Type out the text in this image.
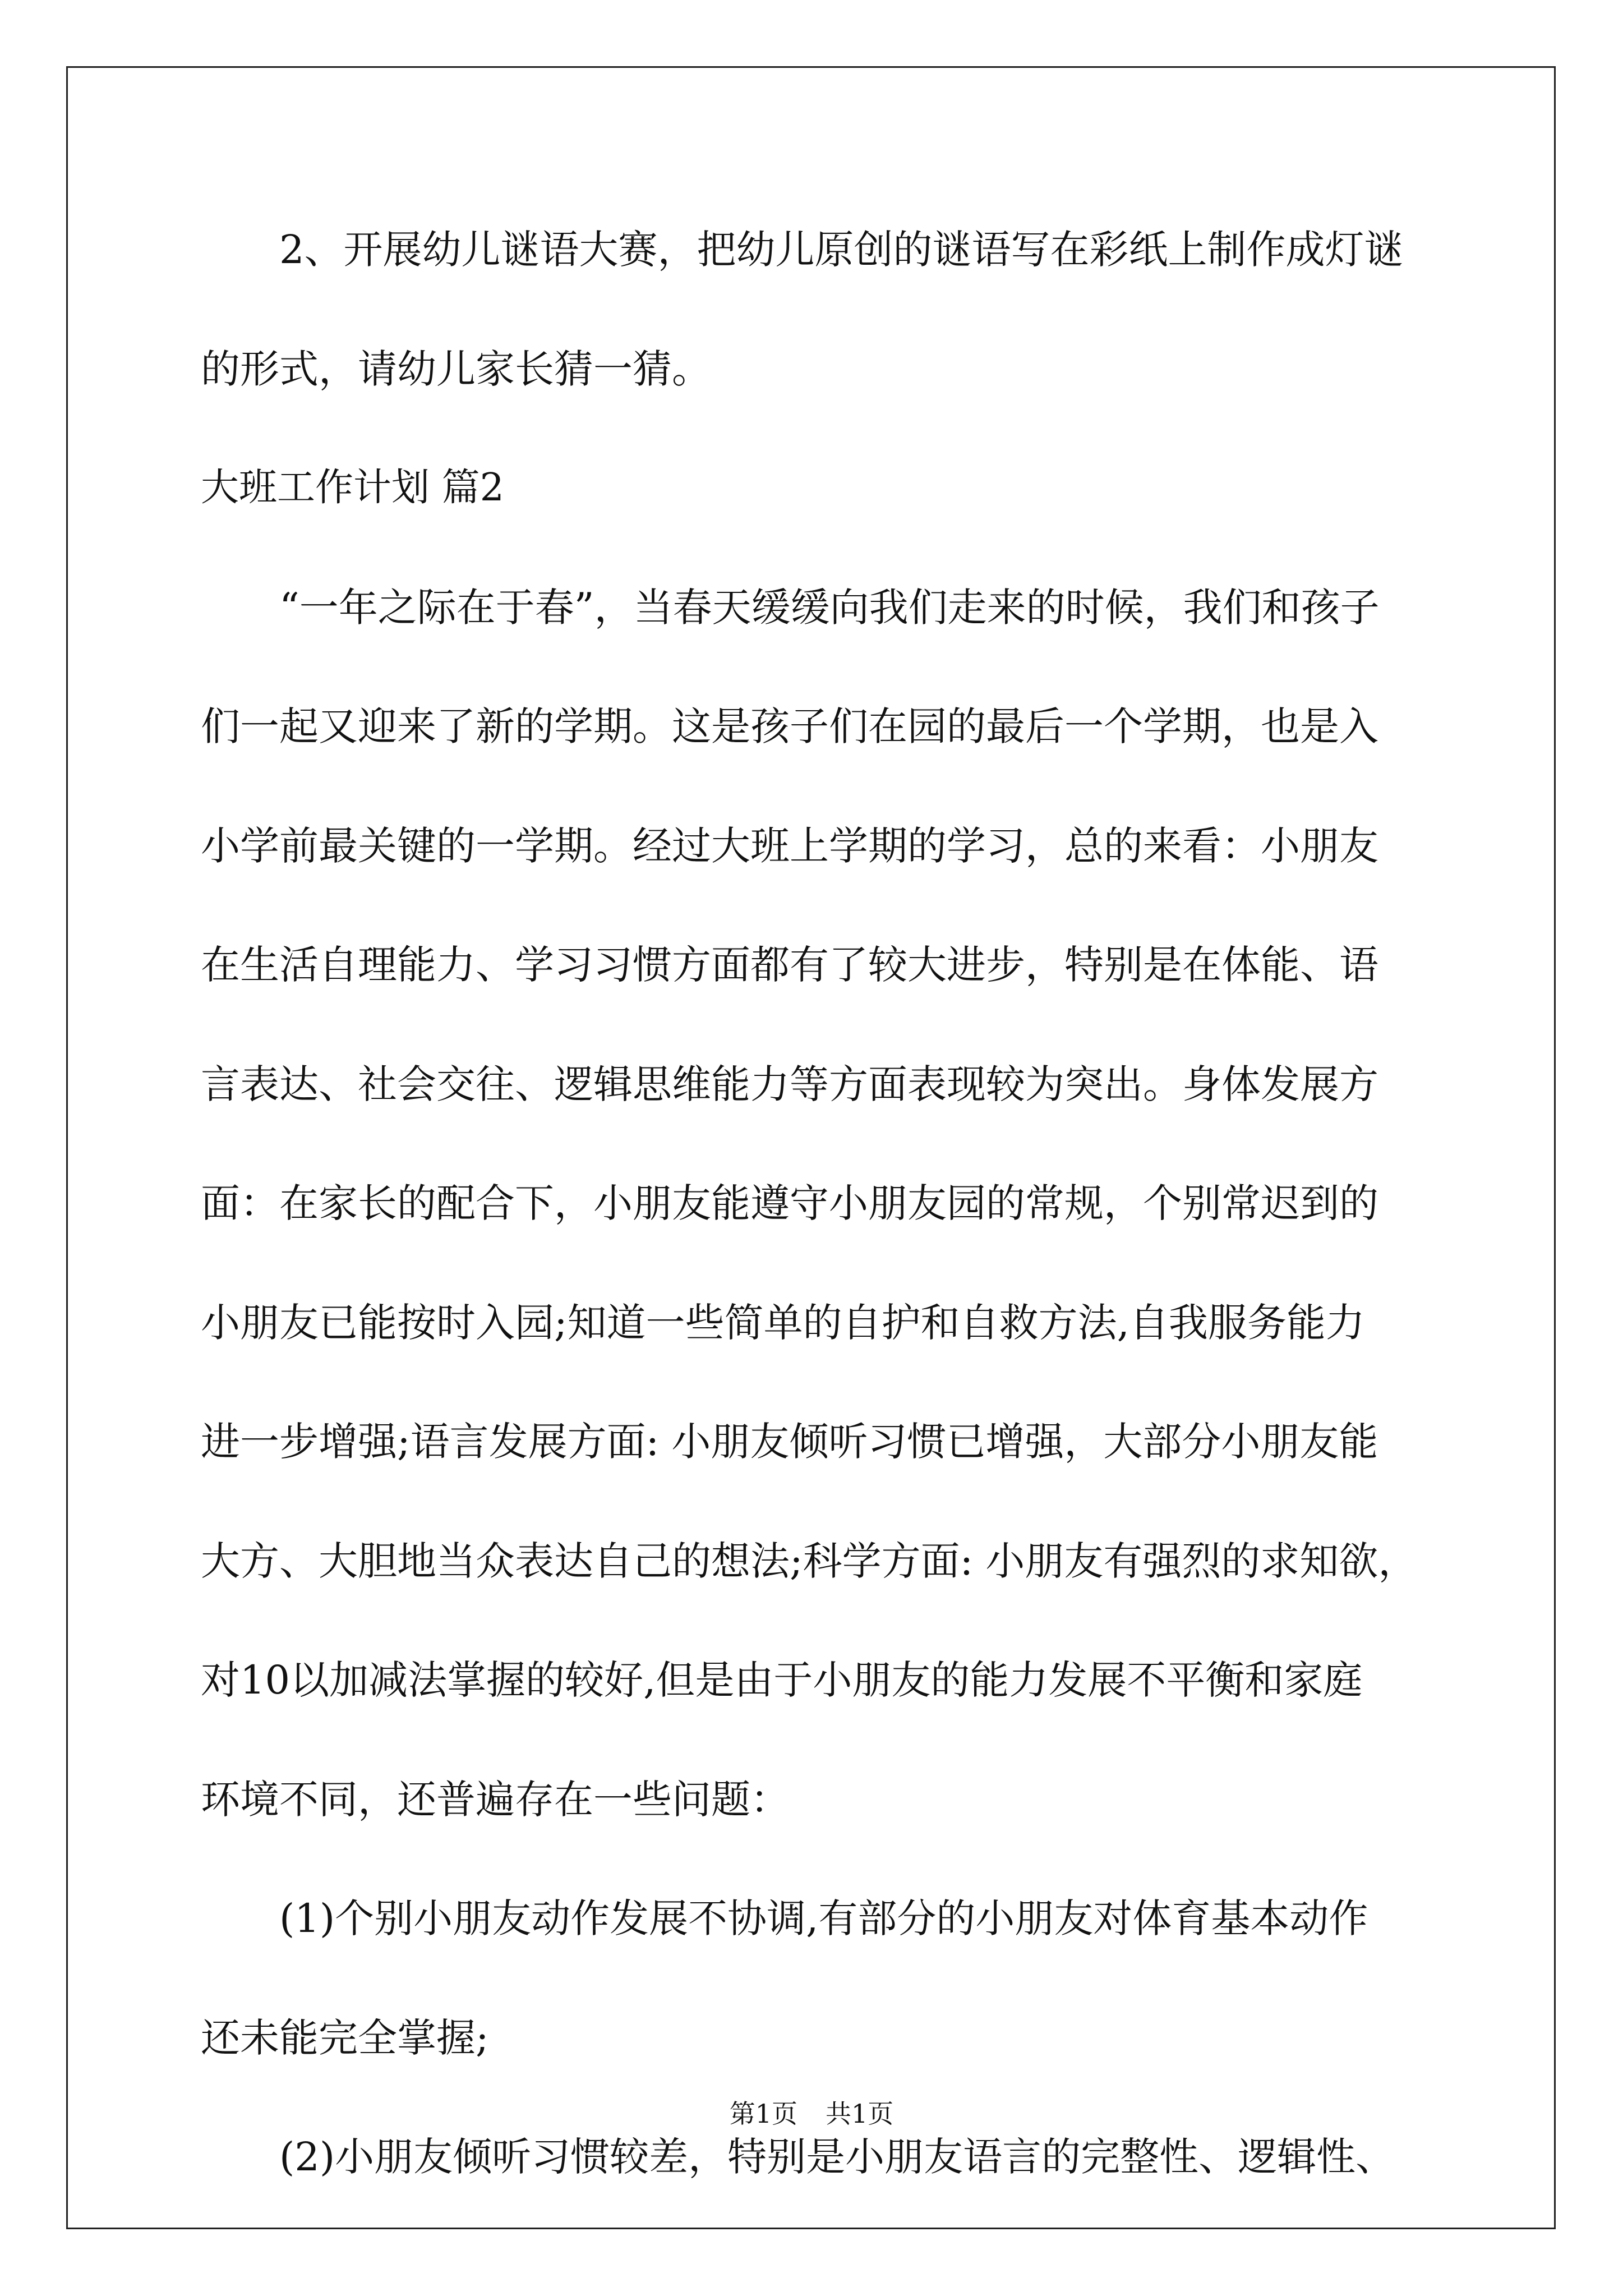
2、开展幼儿谜语大赛，把幼儿原创的谜语写在彩纸上制作成灯谜
的形式，请幼儿家长猜一猜。
大班工作计划 篇2
“一年之际在于春”，当春天缓缓向我们走来的时候，我们和孩子
们一起又迎来了新的学期。这是孩子们在园的最后一个学期，也是入
小学前最关键的一学期。经过大班上学期的学习，总的来看：小朋友
在生活自理能力、学习习惯方面都有了较大进步，特别是在体能、语
言表达、社会交往、逻辑思维能力等方面表现较为突出。身体发展方
面：在家长的配合下，小朋友能遵守小朋友园的常规，个别常迟到的
小朋友已能按时入园;知道一些简单的自护和自救方法,自我服务能力
进一步增强;语言发展方面: 小朋友倾听习惯已增强，大部分小朋友能
大方、大胆地当众表达自己的想法;科学方面: 小朋友有强烈的求知欲，
对10以加减法掌握的较好,但是由于小朋友的能力发展不平衡和家庭
环境不同，还普遍存在一些问题：
(1)个别小朋友动作发展不协调,有部分的小朋友对体育基本动作
还未能完全掌握;
(2)小朋友倾听习惯较差，特别是小朋友语言的完整性、逻辑性、
第1页 共1页
